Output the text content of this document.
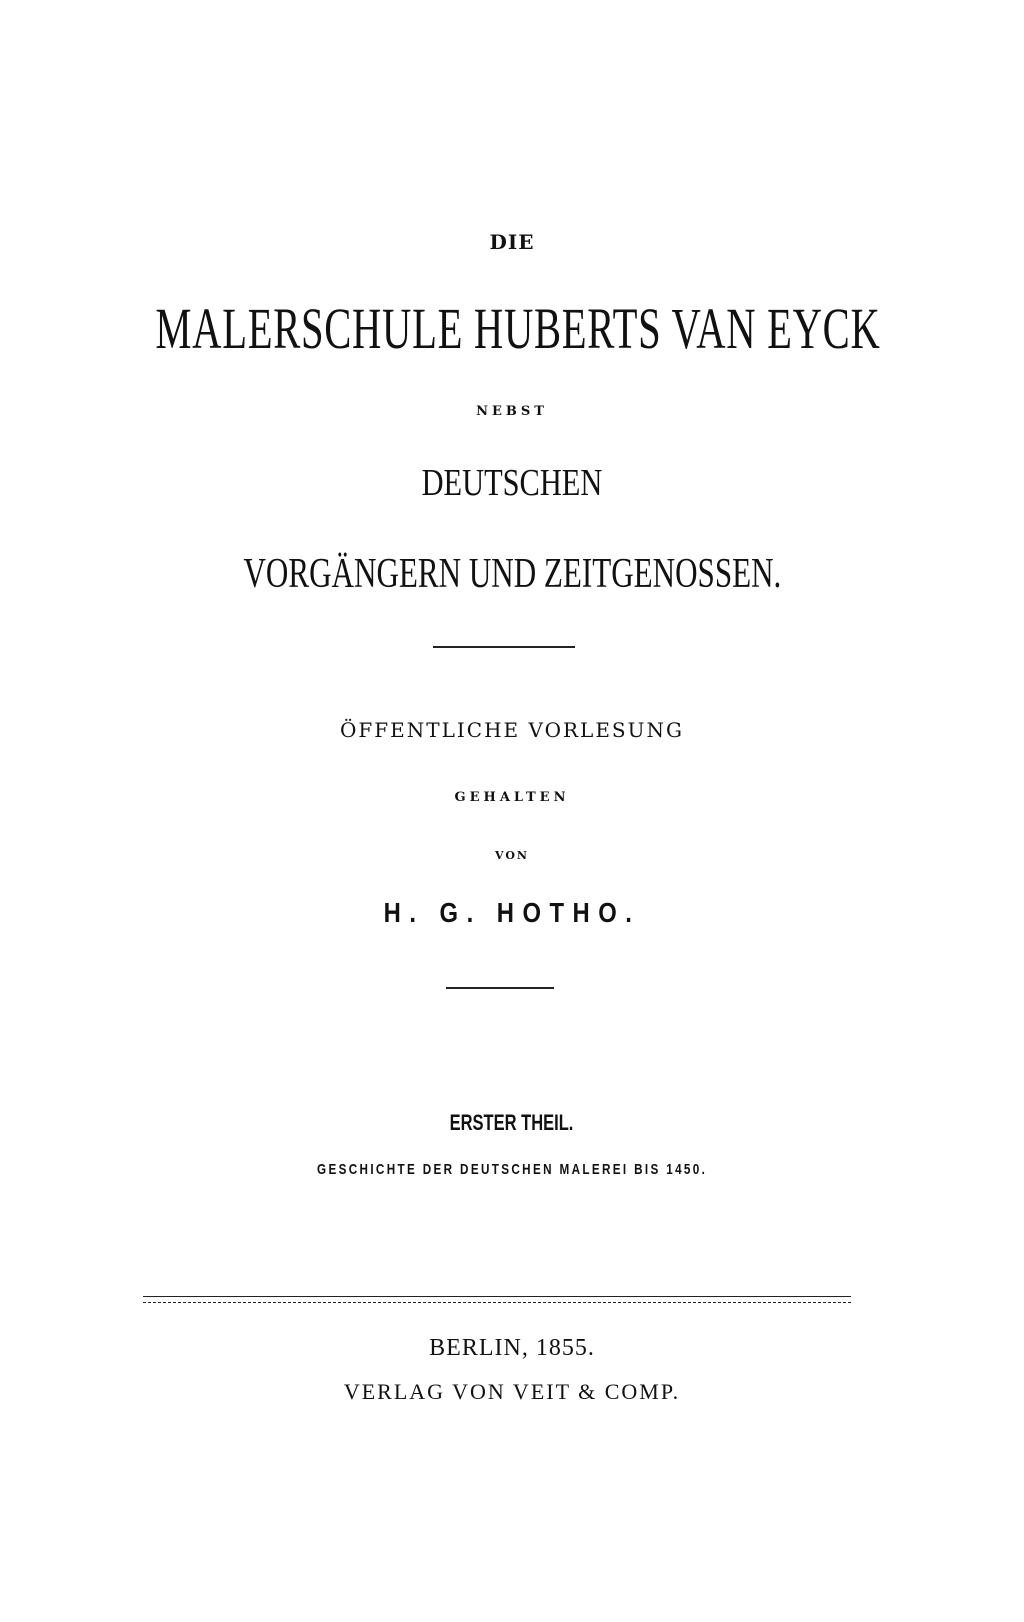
DIE
MALERSCHULE HUBERTS VAN EYCK
NEBST
DEUTSCHEN
VORGÄNGERN UND ZEITGENOSSEN.
ÖFFENTLICHE VORLESUNG
GEHALTEN
VON
H. G. HOTHO.
ERSTER THEIL.
GESCHICHTE DER DEUTSCHEN MALEREI BIS 1450.
BERLIN, 1855.
VERLAG VON VEIT & COMP.
